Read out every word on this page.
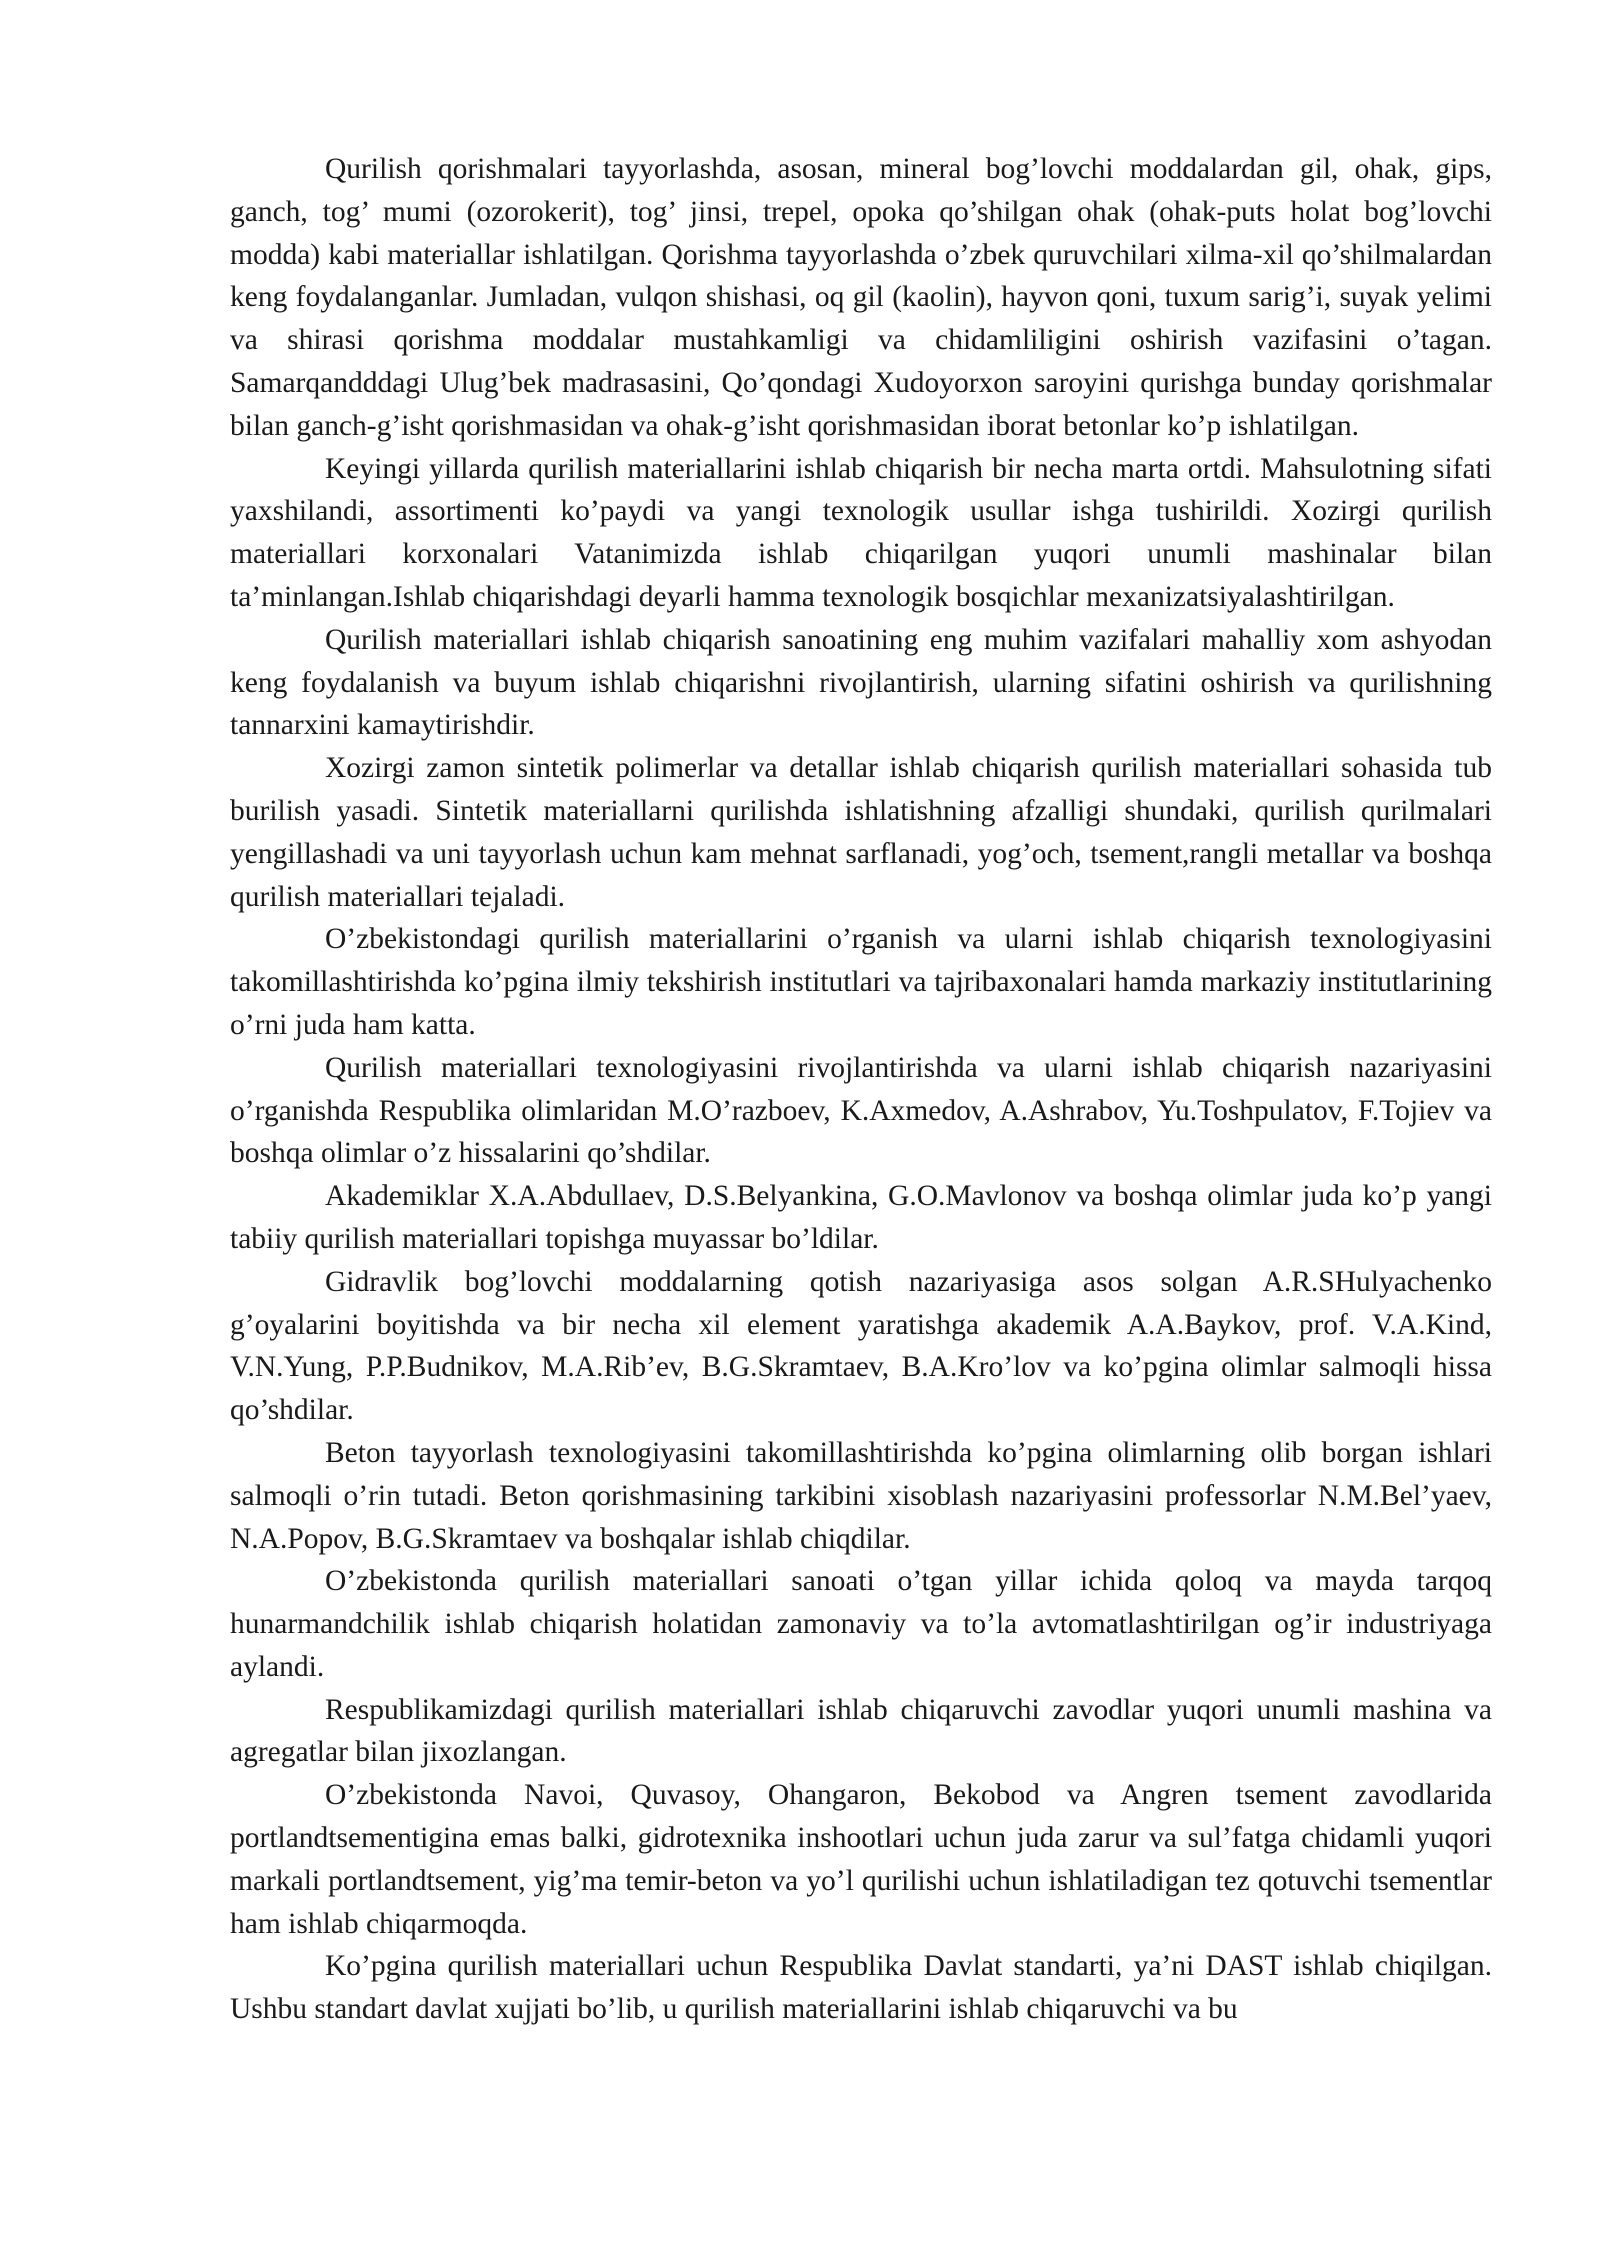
Qurilish qorishmalari tayyorlashda, asosan, mineral bog’lovchi moddalardan gil, ohak, gips, ganch, tog’ mumi (ozorokerit), tog’ jinsi, trepel, opoka qo’shilgan ohak (ohak-puts holat bog’lovchi modda) kabi materiallar ishlatilgan. Qorishma tayyorlashda o’zbek quruvchilari xilma-xil qo’shilmalardan keng foydalanganlar. Jumladan, vulqon shishasi, oq gil (kaolin), hayvon qoni, tuxum sarig’i, suyak yelimi va shirasi qorishma moddalar mustahkamligi va chidamliligini oshirish vazifasini o’tagan. Samarqandddagi Ulug’bek madrasasini, Qo’qondagi Xudoyorxon saroyini qurishga bunday qorishmalar bilan ganch-g’isht qorishmasidan va ohak-g’isht qorishmasidan iborat betonlar ko’p ishlatilgan.

Keyingi yillarda qurilish materiallarini ishlab chiqarish bir necha marta ortdi. Mahsulotning sifati yaxshilandi, assortimenti ko’paydi va yangi texnologik usullar ishga tushirildi. Xozirgi qurilish materiallari korxonalari Vatanimizda ishlab chiqarilgan yuqori unumli mashinalar bilan ta’minlangan.Ishlab chiqarishdagi deyarli hamma texnologik bosqichlar mexanizatsiyalashtirilgan.

Qurilish materiallari ishlab chiqarish sanoatining eng muhim vazifalari mahalliy xom ashyodan keng foydalanish va buyum ishlab chiqarishni rivojlantirish, ularning sifatini oshirish va qurilishning tannarxini kamaytirishdir.

Xozirgi zamon sintetik polimerlar va detallar ishlab chiqarish qurilish materiallari sohasida tub burilish yasadi. Sintetik materiallarni qurilishda ishlatishning afzalligi shundaki, qurilish qurilmalari yengillashadi va uni tayyorlash uchun kam mehnat sarflanadi, yog’och, tsement,rangli metallar va boshqa qurilish materiallari tejaladi.

O’zbekistondagi qurilish materiallarini o’rganish va ularni ishlab chiqarish texnologiyasini takomillashtirishda ko’pgina ilmiy tekshirish institutlari va tajribaxonalari hamda markaziy institutlarining o’rni juda ham katta.

Qurilish materiallari texnologiyasini rivojlantirishda va ularni ishlab chiqarish nazariyasini o’rganishda Respublika olimlaridan M.O’razboev, K.Axmedov, A.Ashrabov, Yu.Toshpulatov, F.Tojiev va boshqa olimlar o’z hissalarini qo’shdilar.

Akademiklar X.A.Abdullaev, D.S.Belyankina, G.O.Mavlonov va boshqa olimlar juda ko’p yangi tabiiy qurilish materiallari topishga muyassar bo’ldilar.

Gidravlik bog’lovchi moddalarning qotish nazariyasiga asos solgan A.R.SHulyachenko g’oyalarini boyitishda va bir necha xil element yaratishga akademik A.A.Baykov, prof. V.A.Kind, V.N.Yung, P.P.Budnikov, M.A.Rib’ev, B.G.Skramtaev, B.A.Kro’lov va ko’pgina olimlar salmoqli hissa qo’shdilar.

Beton tayyorlash texnologiyasini takomillashtirishda ko’pgina olimlarning olib borgan ishlari salmoqli o’rin tutadi. Beton qorishmasining tarkibini xisoblash nazariyasini professorlar N.M.Bel’yaev, N.A.Popov, B.G.Skramtaev va boshqalar ishlab chiqdilar.

O’zbekistonda qurilish materiallari sanoati o’tgan yillar ichida qoloq va mayda tarqoq hunarmandchilik ishlab chiqarish holatidan zamonaviy va to’la avtomatlashtirilgan og’ir industriyaga aylandi.

Respublikamizdagi qurilish materiallari ishlab chiqaruvchi zavodlar yuqori unumli mashina va agregatlar bilan jixozlangan.

O’zbekistonda Navoi, Quvasoy, Ohangaron, Bekobod va Angren tsement zavodlarida portlandtsementigina emas balki, gidrotexnika inshootlari uchun juda zarur va sul’fatga chidamli yuqori markali portlandtsement, yig’ma temir-beton va yo’l qurilishi uchun ishlatiladigan tez qotuvchi tsementlar ham ishlab chiqarmoqda.

Ko’pgina qurilish materiallari uchun Respublika Davlat standarti, ya’ni DAST ishlab chiqilgan. Ushbu standart davlat xujjati bo’lib, u qurilish materiallarini ishlab chiqaruvchi va bu
